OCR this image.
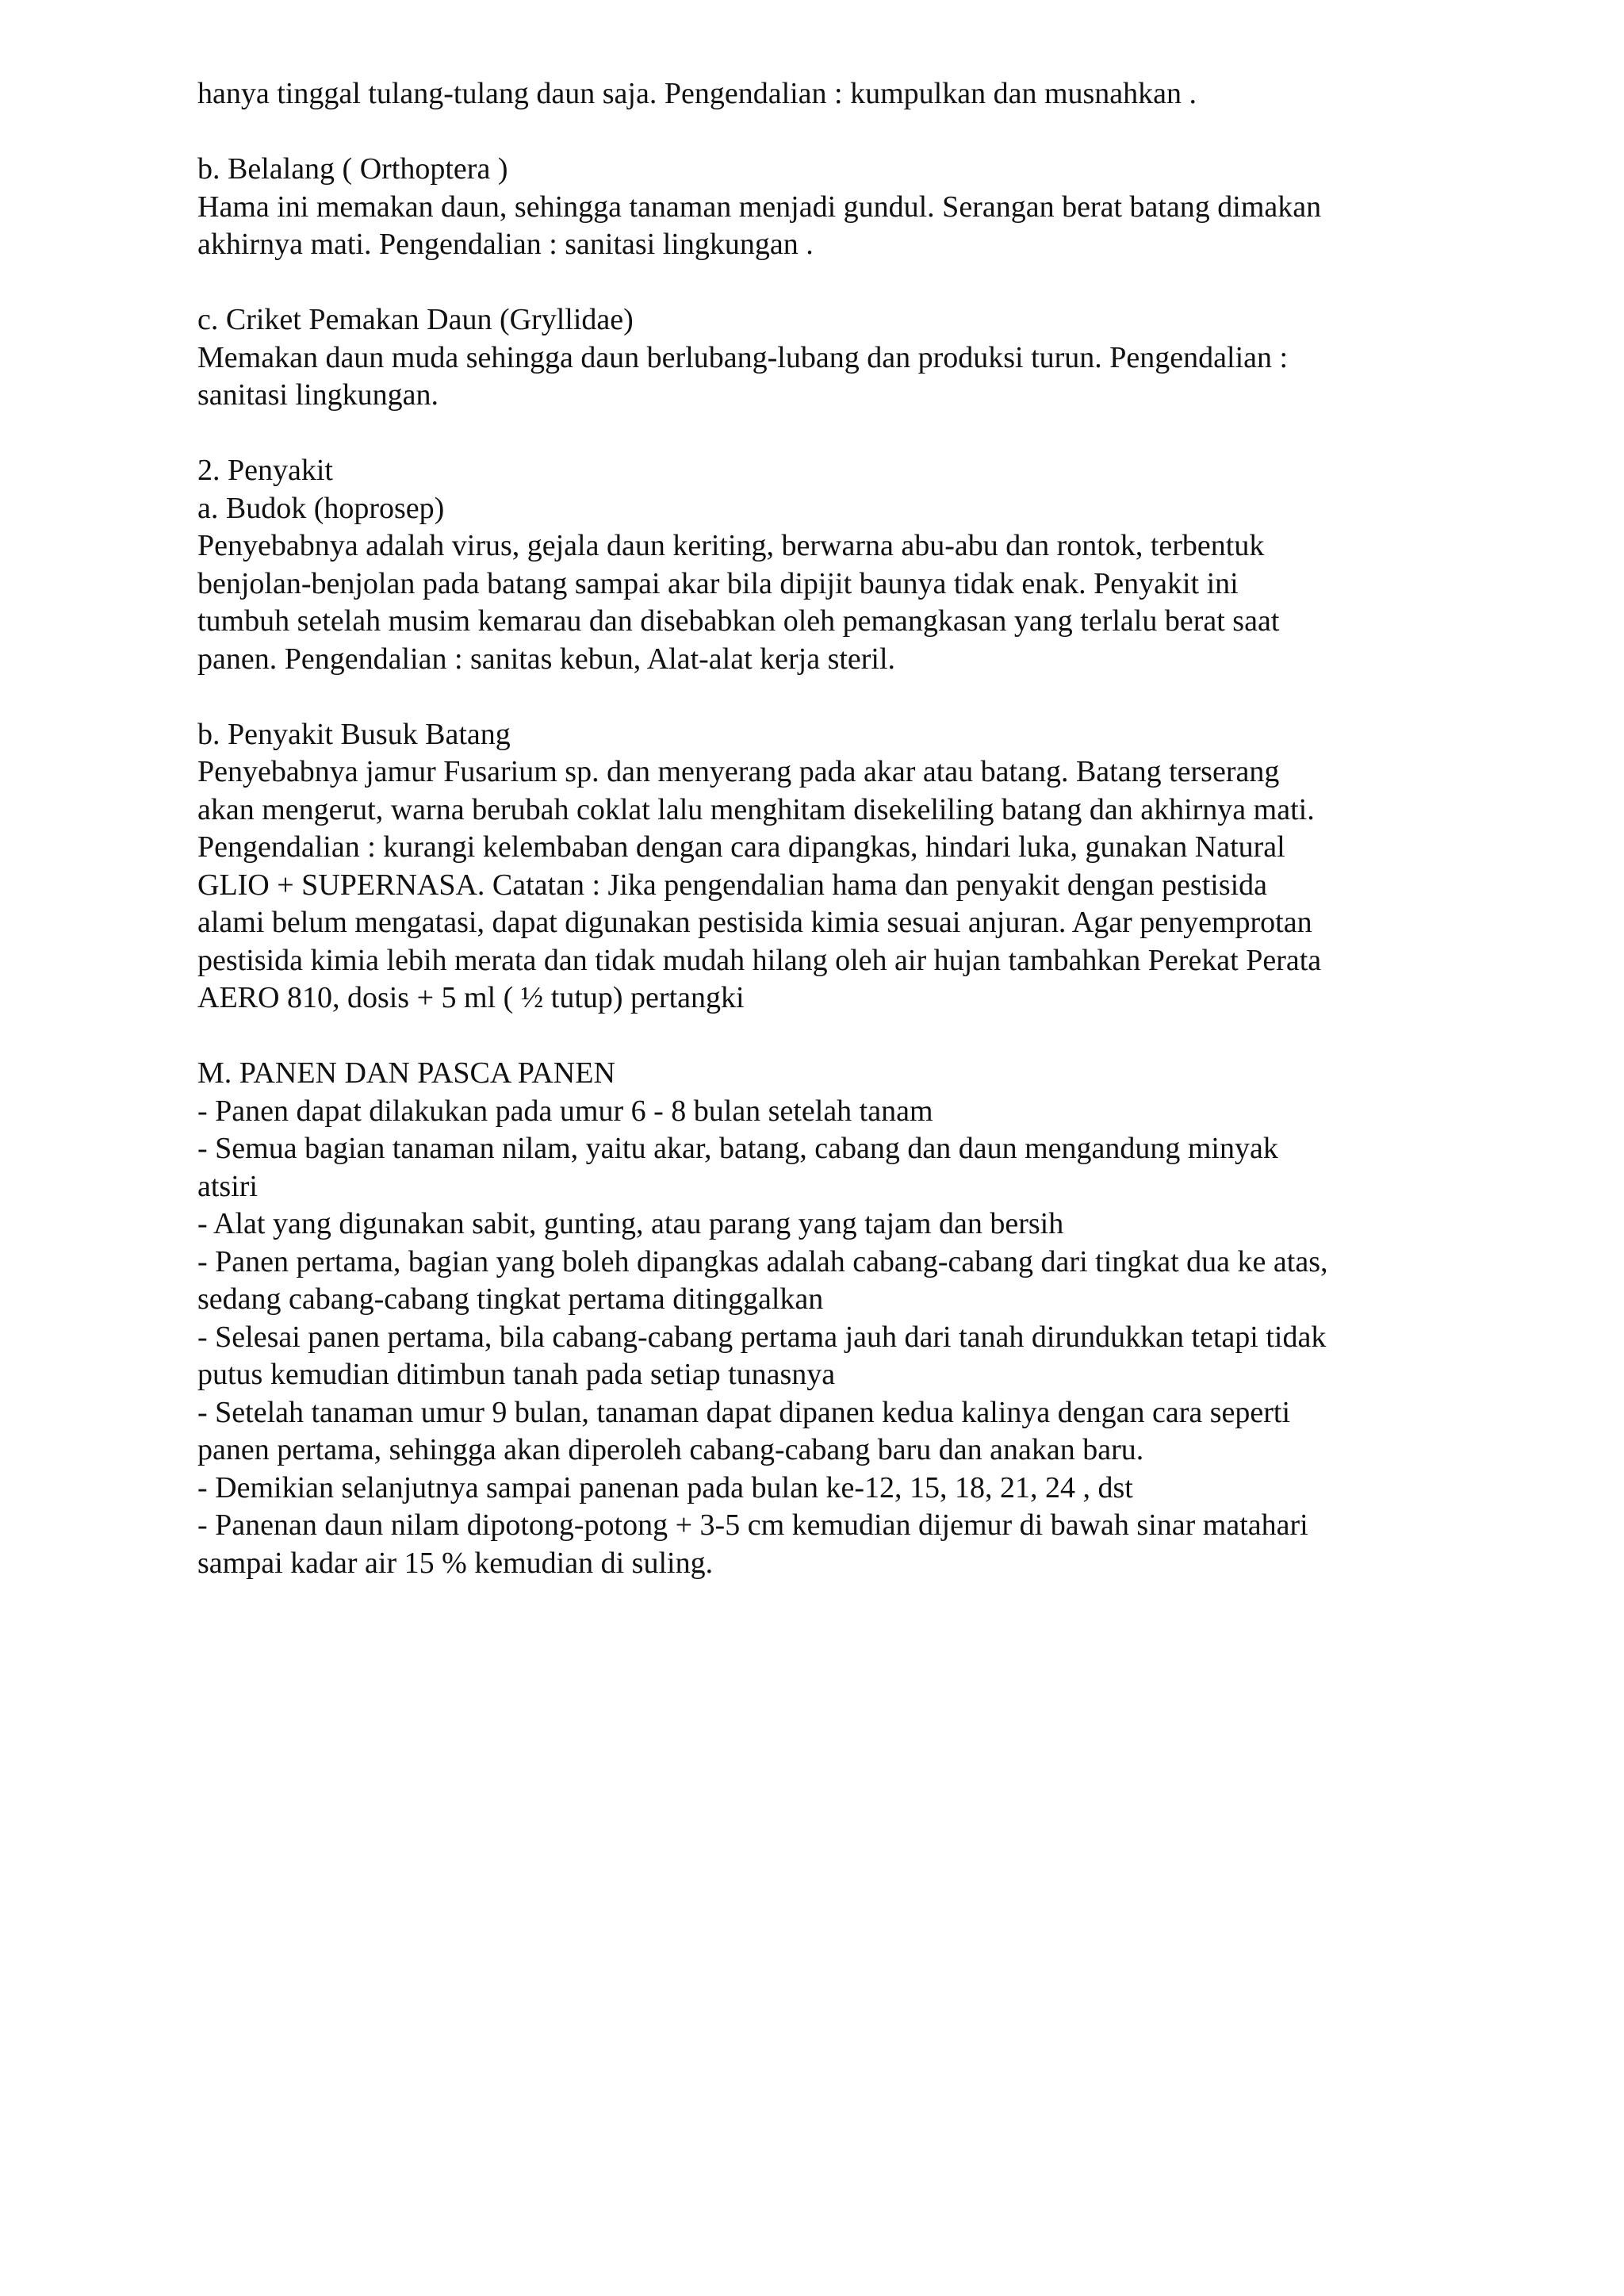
hanya tinggal tulang-tulang daun saja. Pengendalian : kumpulkan dan musnahkan .
b. Belalang ( Orthoptera )
Hama ini memakan daun, sehingga tanaman menjadi gundul. Serangan berat batang dimakan
akhirnya mati. Pengendalian : sanitasi lingkungan .
c. Criket Pemakan Daun (Gryllidae)
Memakan daun muda sehingga daun berlubang-lubang dan produksi turun. Pengendalian :
sanitasi lingkungan.
2. Penyakit
a. Budok (hoprosep)
Penyebabnya adalah virus, gejala daun keriting, berwarna abu-abu dan rontok, terbentuk
benjolan-benjolan pada batang sampai akar bila dipijit baunya tidak enak. Penyakit ini
tumbuh setelah musim kemarau dan disebabkan oleh pemangkasan yang terlalu berat saat
panen. Pengendalian : sanitas kebun, Alat-alat kerja steril.
b. Penyakit Busuk Batang
Penyebabnya jamur Fusarium sp. dan menyerang pada akar atau batang. Batang terserang
akan mengerut, warna berubah coklat lalu menghitam disekeliling batang dan akhirnya mati.
Pengendalian : kurangi kelembaban dengan cara dipangkas, hindari luka, gunakan Natural
GLIO + SUPERNASA. Catatan : Jika pengendalian hama dan penyakit dengan pestisida
alami belum mengatasi, dapat digunakan pestisida kimia sesuai anjuran. Agar penyemprotan
pestisida kimia lebih merata dan tidak mudah hilang oleh air hujan tambahkan Perekat Perata
AERO 810, dosis + 5 ml ( ½ tutup) pertangki
M. PANEN DAN PASCA PANEN
- Panen dapat dilakukan pada umur 6 - 8 bulan setelah tanam
- Semua bagian tanaman nilam, yaitu akar, batang, cabang dan daun mengandung minyak
atsiri
- Alat yang digunakan sabit, gunting, atau parang yang tajam dan bersih
- Panen pertama, bagian yang boleh dipangkas adalah cabang-cabang dari tingkat dua ke atas,
sedang cabang-cabang tingkat pertama ditinggalkan
- Selesai panen pertama, bila cabang-cabang pertama jauh dari tanah dirundukkan tetapi tidak
putus kemudian ditimbun tanah pada setiap tunasnya
- Setelah tanaman umur 9 bulan, tanaman dapat dipanen kedua kalinya dengan cara seperti
panen pertama, sehingga akan diperoleh cabang-cabang baru dan anakan baru.
- Demikian selanjutnya sampai panenan pada bulan ke-12, 15, 18, 21, 24 , dst
- Panenan daun nilam dipotong-potong + 3-5 cm kemudian dijemur di bawah sinar matahari
sampai kadar air 15 % kemudian di suling.
